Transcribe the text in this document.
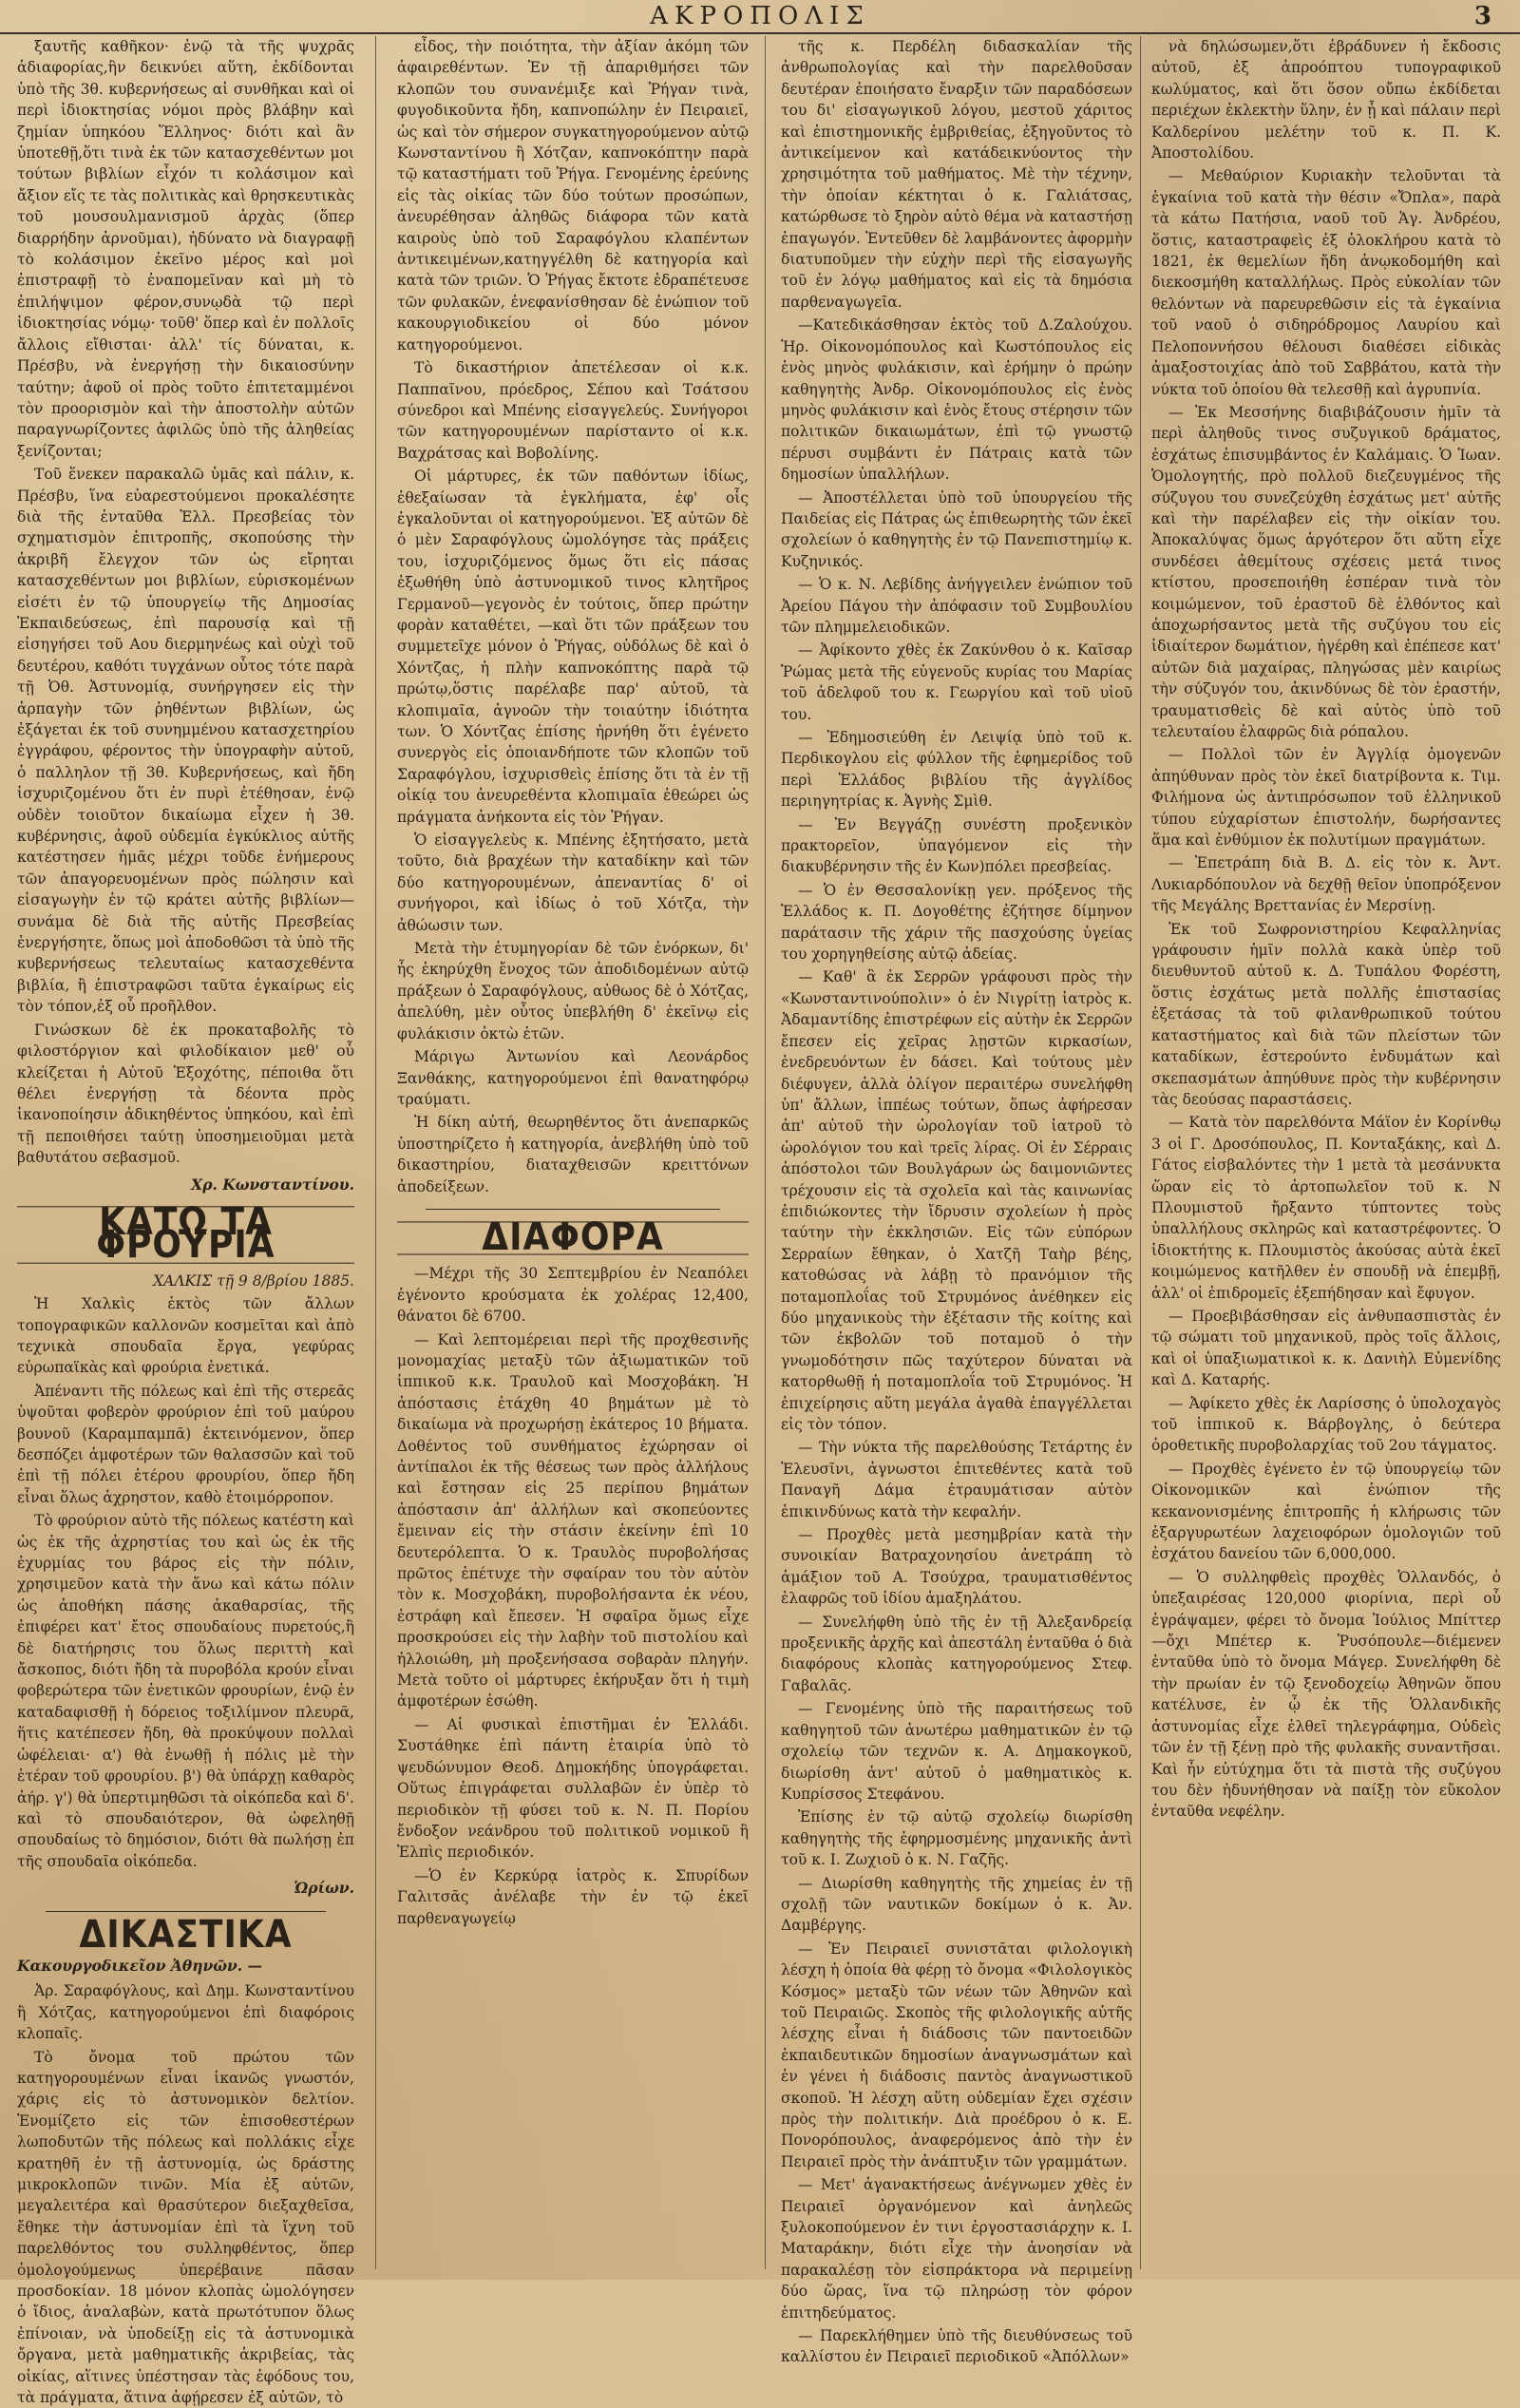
ΑΚΡΟΠΟΛΙΣ	3

ξαυτῆς καθῆκον· ἐνῷ τὰ τῆς ψυχρᾶς ἀδιαφορίας,ἣν δεικνύει αὕτη, ἐκδίδονται ὑπὸ τῆς 3θ. κυβερνήσεως αἱ συνθῆκαι καὶ οἱ περὶ ἰδιοκτησίας νόμοι πρὸς βλάβην καὶ ζημίαν ὑπηκόου Ἕλληνος· διότι καὶ ἂν ὑποτεθῇ,ὅτι τινὰ ἐκ τῶν κατασχεθέντων μοι τούτων βιβλίων εἶχόν τι κολάσιμον καὶ ἄξιον εἴς τε τὰς πολιτικὰς καὶ θρησκευτικὰς τοῦ μουσουλμανισμοῦ ἀρχὰς (ὅπερ διαρρήδην ἀρνοῦμαι), ἠδύνατο νὰ διαγραφῇ τὸ κολάσιμον ἐκεῖνο μέρος καὶ μοὶ ἐπιστραφῇ τὸ ἐναπομεῖναν καὶ μὴ τὸ ἐπιλήψιμον φέρον,συνῳδὰ τῷ περὶ ἰδιοκτησίας νόμῳ· τοῦθ' ὅπερ καὶ ἐν πολλοῖς ἄλλοις εἴθισται· ἀλλ' τίς δύναται, κ. Πρέσβυ, νὰ ἐνεργήσῃ τὴν δικαιοσύνην ταύτην; ἀφοῦ οἱ πρὸς τοῦτο ἐπιτεταμμένοι τὸν προορισμὸν καὶ τὴν ἀποστολὴν αὐτῶν παραγνωρίζοντες ἀφιλῶς ὑπὸ τῆς ἀληθείας ξενίζονται;

Τοῦ ἕνεκεν παρακαλῶ ὑμᾶς καὶ πάλιν, κ. Πρέσβυ, ἵνα εὐαρεστούμενοι προκαλέσητε διὰ τῆς ἐνταῦθα Ἑλλ. Πρεσβείας τὸν σχηματισμὸν ἐπιτροπῆς, σκοπούσης τὴν ἀκριβῆ ἔλεγχον τῶν ὡς εἴρηται κατασχεθέντων μοι βιβλίων, εὑρισκομένων εἰσέτι ἐν τῷ ὑπουργείῳ τῆς Δημοσίας Ἐκπαιδεύσεως, ἐπὶ παρουσίᾳ καὶ τῇ εἰσηγήσει τοῦ Αου διερμηνέως καὶ οὐχὶ τοῦ δευτέρου, καθότι τυγχάνων οὗτος τότε παρὰ τῇ Ὀθ. Ἀστυνομίᾳ, συνήργησεν εἰς τὴν ἁρπαγὴν τῶν ῥηθέντων βιβλίων, ὡς ἐξάγεται ἐκ τοῦ συνημμένου κατασχετηρίου ἐγγράφου, φέροντος τὴν ὑπογραφὴν αὐτοῦ, ὁ παλληλον τῇ 3θ. Κυβερνήσεως, καὶ ἤδη ἰσχυριζομένου ὅτι ἐν πυρὶ ἐτέθησαν, ἐνῷ οὐδὲν τοιοῦτον δικαίωμα εἶχεν ἡ 3θ. κυβέρνησις, ἀφοῦ οὐδεμία ἐγκύκλιος αὐτῆς κατέστησεν ἡμᾶς μέχρι τοῦδε ἐνήμερους τῶν ἀπαγορευομένων πρὸς πώλησιν καὶ εἰσαγωγὴν ἐν τῷ κράτει αὐτῆς βιβλίων—συνάμα δὲ διὰ τῆς αὐτῆς Πρεσβείας ἐνεργήσητε, ὅπως μοὶ ἀποδοθῶσι τὰ ὑπὸ τῆς κυβερνήσεως τελευταίως κατασχεθέντα βιβλία, ἢ ἐπιστραφῶσι ταῦτα ἐγκαίρως εἰς τὸν τόπον,ἐξ οὗ προῆλθον.

Γινώσκων δὲ ἐκ προκαταβολῆς τὸ φιλοστόργιον καὶ φιλοδίκαιον μεθ' οὗ κλείζεται ἡ Αὐτοῦ Ἐξοχότης, πέποιθα ὅτι θέλει ἐνεργήσῃ τὰ δέοντα πρὸς ἱκανοποίησιν ἀδικηθέντος ὑπηκόου, καὶ ἐπὶ τῇ πεποιθήσει ταύτῃ ὑποσημειοῦμαι μετὰ βαθυτάτου σεβασμοῦ.

Χρ. Κωνσταντίνου.
ΚΑΤΩ ΤΑ ΦΡΟΥΡΙΑ
ΧΑΛΚΙΣ τῇ 9 8/βρίου 1885.

Ἡ Χαλκὶς ἐκτὸς τῶν ἄλλων τοπογραφικῶν καλλονῶν κοσμεῖται καὶ ἀπὸ τεχνικὰ σπουδαῖα ἔργα, γεφύρας εὐρωπαϊκὰς καὶ φρούρια ἐνετικά.

Ἀπέναντι τῆς πόλεως καὶ ἐπὶ τῆς στερεᾶς ὑψοῦται φοβερὸν φρούριον ἐπὶ τοῦ μαύρου βουνοῦ (Καραμπαμπᾶ) ἐκτεινόμενον, ὅπερ δεσπόζει ἀμφοτέρων τῶν θαλασσῶν καὶ τοῦ ἐπὶ τῇ πόλει ἑτέρου φρουρίου, ὅπερ ἤδη εἶναι ὅλως ἀχρηστον, καθὸ ἐτοιμόρροπον.

Τὸ φρούριον αὐτὸ τῆς πόλεως κατέστη καὶ ὡς ἐκ τῆς ἀχρηστίας του καὶ ὡς ἐκ τῆς ἐχυρμίας του βάρος εἰς τὴν πόλιν, χρησιμεῦον κατὰ τὴν ἄνω καὶ κάτω πόλιν ὡς ἀποθήκη πάσης ἀκαθαρσίας, τῆς ἐπιφέρει κατ' ἔτος σπουδαίους πυρετούς,ἢ δὲ διατήρησις του ὅλως περιττὴ καὶ ἄσκοπος, διότι ἤδη τὰ πυροβόλα κρούν εἶναι φοβερώτερα τῶν ἐνετικῶν φρουρίων, ἐνῷ ἐν καταδαφισθῇ ἡ δόρειος τοξιλίμνον πλευρᾶ, ἥτις κατέπεσεν ἤδη, θὰ προκύψουν πολλαὶ ὠφέλειαι· α') θὰ ἑνωθῇ ἡ πόλις μὲ τὴν ἑτέραν τοῦ φρουρίου. β') θὰ ὑπάρχῃ καθαρὸς ἀήρ. γ') θὰ ὑπερτιμηθῶσι τὰ οἰκόπεδα καὶ δ'. καὶ τὸ σπουδαιότερον, θὰ ὠφεληθῇ σπουδαίως τὸ δημόσιον, διότι θὰ πωλήσῃ ἐπ τῆς σπουδαῖα οἰκόπεδα.

Ὡρίων.
ΔΙΚΑΣΤΙΚΑ
Κακουργοδικεῖον Ἀθηνῶν. —

Ἀρ. Σαραφόγλους, καὶ Δημ. Κωνσταντίνου ἢ Χότζας, κατηγορούμενοι ἐπὶ διαφόροις κλοπαῖς.

Τὸ ὄνομα τοῦ πρώτου τῶν κατηγορουμένων εἶναι ἱκανῶς γνωστόν, χάρις εἰς τὸ ἀστυνομικὸν δελτίον. Ἐνομίζετο εἰς τῶν ἐπισοθεστέρων λωποδυτῶν τῆς πόλεως καὶ πολλάκις εἶχε κρατηθῆ ἐν τῇ ἀστυνομίᾳ, ὡς δράστης μικροκλοπῶν τινῶν. Μία ἐξ αὐτῶν, μεγαλειτέρα καὶ θρασύτερον διεξαχθεῖσα, ἔθηκε τὴν ἀστυνομίαν ἐπὶ τὰ ἴχνη τοῦ παρελθόντος του συλληφθέντος, ὅπερ ὁμολογούμενως ὑπερέβαινε πᾶσαν προσδοκίαν. 18 μόνον κλοπὰς ὡμολόγησεν ὁ ἴδιος, ἀναλαβὼν, κατὰ πρωτότυπον ὅλως ἐπίνοιαν, νὰ ὑποδείξῃ εἰς τὰ ἀστυνομικὰ ὄργανα, μετὰ μαθηματικῆς ἀκριβείας, τὰς οἰκίας, αἵτινες ὑπέστησαν τὰς ἐφόδους του, τὰ πράγματα, ἅτινα ἀφῄρεσεν ἐξ αὐτῶν, τὸ

εἶδος, τὴν ποιότητα, τὴν ἀξίαν ἀκόμη τῶν ἀφαιρεθέντων. Ἐν τῇ ἀπαριθμήσει τῶν κλοπῶν του συνανέμιξε καὶ Ῥήγαν τινὰ, φυγοδικοῦντα ἤδη, καπνοπώλην ἐν Πειραιεῖ, ὡς καὶ τὸν σήμερον συγκατηγορούμενον αὐτῷ Κωνσταντίνου ἢ Χότζαν, καπνοκόπτην παρὰ τῷ καταστήματι τοῦ Ῥήγα. Γενομένης ἐρεύνης εἰς τὰς οἰκίας τῶν δύο τούτων προσώπων, ἀνευρέθησαν ἀληθῶς διάφορα τῶν κατὰ καιροὺς ὑπὸ τοῦ Σαραφόγλου κλαπέντων ἀντικειμένων,κατηγγέλθη δὲ κατηγορία καὶ κατὰ τῶν τριῶν. Ὁ Ῥήγας ἔκτοτε ἐδραπέτευσε τῶν φυλακῶν, ἐνεφανίσθησαν δὲ ἐνώπιον τοῦ κακουργιοδικείου οἱ δύο μόνον κατηγορούμενοι.

Τὸ δικαστήριον ἀπετέλεσαν οἱ κ.κ. Παππαῖνου, πρόεδρος, Σέπου καὶ Τσάτσου σύνεδροι καὶ Μπένης εἰσαγγελεύς. Συνήγοροι τῶν κατηγορουμένων παρίσταντο οἱ κ.κ. Βαχράτσας καὶ Βοβολίνης.

Οἱ μάρτυρες, ἐκ τῶν παθόντων ἰδίως, ἐθεξαίωσαν τὰ ἐγκλήματα, ἐφ' οἷς ἐγκαλοῦνται οἱ κατηγορούμενοι. Ἐξ αὐτῶν δὲ ὁ μὲν Σαραφόγλους ὡμολόγησε τὰς πράξεις του, ἰσχυριζόμενος ὅμως ὅτι εἰς πάσας ἐξωθήθη ὑπὸ ἀστυνομικοῦ τινος κλητῆρος Γερμανοῦ—γεγονὸς ἐν τούτοις, ὅπερ πρώτην φορὰν καταθέτει, —καὶ ὅτι τῶν πράξεων του συμμετεῖχε μόνον ὁ Ῥήγας, οὐδόλως δὲ καὶ ὁ Χόντζας, ἡ πλὴν καπνοκόπτης παρὰ τῷ πρώτῳ,ὅστις παρέλαβε παρ' αὐτοῦ, τὰ κλοπιμαῖα, ἀγνοῶν τὴν τοιαύτην ἰδιότητα των. Ὁ Χόντζας ἐπίσης ἠρνήθη ὅτι ἐγένετο συνεργὸς εἰς ὁποιανδήποτε τῶν κλοπῶν τοῦ Σαραφόγλου, ἰσχυρισθεὶς ἐπίσης ὅτι τὰ ἐν τῇ οἰκίᾳ του ἀνευρεθέντα κλοπιμαῖα ἐθεώρει ὡς πράγματα ἀνήκοντα εἰς τὸν Ῥήγαν.

Ὁ εἰσαγγελεὺς κ. Μπένης ἐξητήσατο, μετὰ τοῦτο, διὰ βραχέων τὴν καταδίκην καὶ τῶν δύο κατηγορουμένων, ἀπεναντίας δ' οἱ συνήγοροι, καὶ ἰδίως ὁ τοῦ Χότζα, τὴν ἀθώωσιν των.

Μετὰ τὴν ἐτυμηγορίαν δὲ τῶν ἐνόρκων, δι' ἧς ἐκηρύχθη ἔνοχος τῶν ἀποδιδομένων αὐτῷ πράξεων ὁ Σαραφόγλους, αὐθωος δὲ ὁ Χότζας, ἀπελύθη, μὲν οὗτος ὑπεβλήθη δ' ἐκεῖνῳ εἰς φυλάκισιν ὀκτὼ ἐτῶν.

Μάριγω Ἀντωνίου καὶ Λεονάρδος Ξανθάκης, κατηγορούμενοι ἐπὶ θανατηφόρῳ τραύματι.

Ἡ δίκη αὐτή, θεωρηθέντος ὅτι ἀνεπαρκῶς ὑποστηρίζετο ἡ κατηγορία, ἀνεβλήθη ὑπὸ τοῦ δικαστηρίου, διαταχθεισῶν κρειττόνων ἀποδείξεων.

ΔΙΑΦΟΡΑ

—Μέχρι τῆς 30 Σεπτεμβρίου ἐν Νεαπόλει ἐγένοντο κρούσματα ἐκ χολέρας 12,400, θάνατοι δὲ 6700.

— Καὶ λεπτομέρειαι περὶ τῆς προχθεσινῆς μονομαχίας μεταξὺ τῶν ἀξιωματικῶν τοῦ ἱππικοῦ κ.κ. Τραυλοῦ καὶ Μοσχοβάκη. Ἡ ἀπόστασις ἐτάχθη 40 βημάτων μὲ τὸ δικαίωμα νὰ προχωρήσῃ ἑκάτερος 10 βήματα. Δοθέντος τοῦ συνθήματος ἐχώρησαν οἱ ἀντίπαλοι ἐκ τῆς θέσεως των πρὸς ἀλλήλους καὶ ἔστησαν εἰς 25 περίπου βημάτων ἀπόστασιν ἀπ' ἀλλήλων καὶ σκοπεύοντες ἔμειναν εἰς τὴν στάσιν ἐκείνην ἐπὶ 10 δευτερόλεπτα. Ὁ κ. Τραυλὸς πυροβολήσας πρῶτος ἐπέτυχε τὴν σφαίραν του τὸν αὐτὸν τὸν κ. Μοσχοβάκη, πυροβολήσαντα ἐκ νέου, ἐστράφη καὶ ἔπεσεν. Ἡ σφαῖρα ὅμως εἶχε προσκρούσει εἰς τὴν λαβὴν τοῦ πιστολίου καὶ ἠλλοιώθη, μὴ προξενήσασα σοβαρὰν πληγήν. Μετὰ τοῦτο οἱ μάρτυρες ἐκήρυξαν ὅτι ἡ τιμὴ ἀμφοτέρων ἐσώθη.

— Αἱ φυσικαὶ ἐπιστῆμαι ἐν Ἑλλάδι. Συστάθηκε ἐπὶ πάντη ἑταιρία ὑπὸ τὸ ψευδώνυμον Θεοδ. Δημοκήδης ὑπογράφεται. Οὕτως ἐπιγράφεται συλλαβῶν ἐν ὑπὲρ τὸ περιοδικὸν τῇ φύσει τοῦ κ. Ν. Π. Πορίου ἔνδοξον νεάνδρου τοῦ πολιτικοῦ νομικοῦ ἢ Ἑλπὶς περιοδικόν.

—Ὁ ἐν Κερκύρᾳ ἰατρὸς κ. Σπυρίδων Γαλιτσᾶς ἀνέλαβε τὴν ἐν τῷ ἐκεῖ παρθεναγωγείῳ

τῆς κ. Περδέλη διδασκαλίαν τῆς ἀνθρωπολογίας καὶ τὴν παρελθοῦσαν δευτέραν ἐποιήσατο ἔναρξιν τῶν παραδόσεων του δι' εἰσαγωγικοῦ λόγου, μεστοῦ χάριτος καὶ ἐπιστημονικῆς ἐμβριθείας, ἐξηγοῦντος τὸ ἀντικείμενον καὶ κατάδεικνύοντος τὴν χρησιμότητα τοῦ μαθήματος. Μὲ τὴν τέχνην, τὴν ὁποίαν κέκτηται ὁ κ. Γαλιάτσας, κατώρθωσε τὸ ξηρὸν αὐτὸ θέμα νὰ καταστήσῃ ἐπαγωγόν. Ἐντεῦθεν δὲ λαμβάνοντες ἀφορμὴν διατυποῦμεν τὴν εὐχὴν περὶ τῆς εἰσαγωγῆς τοῦ ἐν λόγῳ μαθήματος καὶ εἰς τὰ δημόσια παρθεναγωγεῖα.

—Κατεδικάσθησαν ἐκτὸς τοῦ Δ.Ζαλούχου. Ἠρ. Οἰκονομόπουλος καὶ Κωστόπουλος εἰς ἑνὸς μηνὸς φυλάκισιν, καὶ ἐρήμην ὁ πρώην καθηγητὴς Ἀνδρ. Οἰκονομόπουλος εἰς ἑνὸς μηνὸς φυλάκισιν καὶ ἑνὸς ἔτους στέρησιν τῶν πολιτικῶν δικαιωμάτων, ἐπὶ τῷ γνωστῷ πέρυσι συμβάντι ἐν Πάτραις κατὰ τῶν δημοσίων ὑπαλλήλων.

— Ἀποστέλλεται ὑπὸ τοῦ ὑπουργείου τῆς Παιδείας εἰς Πάτρας ὡς ἐπιθεωρητὴς τῶν ἐκεῖ σχολείων ὁ καθηγητὴς ἐν τῷ Πανεπιστημίῳ κ. Κυζηνικός.

— Ὁ κ. Ν. Λεβίδης ἀνήγγειλεν ἐνώπιον τοῦ Ἀρείου Πάγου τὴν ἀπόφασιν τοῦ Συμβουλίου τῶν πλημμελειοδικῶν.

— Ἀφίκοντο χθὲς ἐκ Ζακύνθου ὁ κ. Καῖσαρ Ῥώμας μετὰ τῆς εὐγενοῦς κυρίας του Μαρίας τοῦ ἀδελφοῦ του κ. Γεωργίου καὶ τοῦ υἱοῦ του.

— Ἐδημοσιεύθη ἐν Λειψίᾳ ὑπὸ τοῦ κ. Περδικογλου εἰς φύλλον τῆς ἐφημερίδος τοῦ περὶ Ἑλλάδος βιβλίου τῆς ἀγγλίδος περιηγητρίας κ. Ἀγνὴς Σμὶθ.

— Ἐν Βεγγάζῃ συνέστη προξενικὸν πρακτορεῖον, ὑπαγόμενον εἰς τὴν διακυβέρνησιν τῆς ἐν Κων)πόλει πρεσβείας.

— Ὁ ἐν Θεσσαλονίκῃ γεν. πρόξενος τῆς Ἑλλάδος κ. Π. Δογοθέτης ἐζήτησε δίμηνον παράτασιν τῆς χάριν τῆς πασχούσης ὑγείας του χορηγηθείσης αὐτῷ ἀδείας.

— Καθ' ἃ ἐκ Σερρῶν γράφουσι πρὸς τὴν «Κωνσταντινούπολιν» ὁ ἐν Νιγρίτῃ ἰατρὸς κ. Ἀδαμαντίδης ἐπιστρέφων εἰς αὐτὴν ἐκ Σερρῶν ἔπεσεν εἰς χεῖρας λῃστῶν κιρκασίων, ἐνεδρευόντων ἐν δάσει. Καὶ τούτους μὲν διέφυγεν, ἀλλὰ ὀλίγον περαιτέρω συνελήφθη ὑπ' ἄλλων, ἱππέως τούτων, ὅπως ἀφήρεσαν ἀπ' αὐτοῦ τὴν ὡρολογίαν τοῦ ἰατροῦ τὸ ὡρολόγιον του καὶ τρεῖς λίρας. Οἱ ἐν Σέρραις ἀπόστολοι τῶν Βουλγάρων ὡς δαιμονιῶντες τρέχουσιν εἰς τὰ σχολεῖα καὶ τὰς καινωνίας ἐπιδιώκοντες τὴν ἴδρυσιν σχολείων ἡ πρὸς ταύτην τὴν ἐκκλησιῶν. Εἰς τῶν εὐπόρων Σερραίων ἔθηκαν, ὁ Χατζῆ Ταὴρ βέης, κατοθώσας νὰ λάβῃ τὸ πρανόμιον τῆς ποταμοπλοΐας τοῦ Στρυμόνος ἀνέθηκεν εἰς δύο μηχανικοὺς τὴν ἐξέτασιν τῆς κοίτης καὶ τῶν ἐκβολῶν τοῦ ποταμοῦ ὁ τὴν γνωμοδότησιν πῶς ταχύτερον δύναται νὰ κατορθωθῇ ἡ ποταμοπλοΐα τοῦ Στρυμόνος. Ἡ ἐπιχείρησις αὕτη μεγάλα ἀγαθὰ ἐπαγγέλλεται εἰς τὸν τόπον.

— Τὴν νύκτα τῆς παρελθούσης Τετάρτης ἐν Ἐλευσῖνι, ἀγνωστοι ἐπιτεθέντες κατὰ τοῦ Παναγῆ Δάμα ἐτραυμάτισαν αὐτὸν ἐπικινδύνως κατὰ τὴν κεφαλήν.

— Προχθὲς μετὰ μεσημβρίαν κατὰ τὴν συνοικίαν Βατραχονησίου ἀνετράπη τὸ ἁμάξιον τοῦ Α. Τσούχρα, τραυματισθέντος ἐλαφρῶς τοῦ ἰδίου ἁμαξηλάτου.

— Συνελήφθη ὑπὸ τῆς ἐν τῇ Ἀλεξανδρείᾳ προξενικῆς ἀρχῆς καὶ ἀπεστάλη ἐνταῦθα ὁ διὰ διαφόρους κλοπὰς κατηγορούμενος Στεφ. Γαβαλᾶς.

— Γενομένης ὑπὸ τῆς παραιτήσεως τοῦ καθηγητοῦ τῶν ἀνωτέρω μαθηματικῶν ἐν τῷ σχολείῳ τῶν τεχνῶν κ. Α. Δημακογκοῦ, διωρίσθη ἀντ' αὐτοῦ ὁ μαθηματικὸς κ. Κυπρίσσος Στεφάνου.

Ἐπίσης ἐν τῷ αὐτῷ σχολείῳ διωρίσθη καθηγητὴς τῆς ἐφηρμοσμένης μηχανικῆς ἀντὶ τοῦ κ. Ι. Ζωχιοῦ ὁ κ. Ν. Γαζῆς.

— Διωρίσθη καθηγητὴς τῆς χημείας ἐν τῇ σχολῇ τῶν ναυτικῶν δοκίμων ὁ κ. Ἀν. Δαμβέργης.

— Ἐν Πειραιεῖ συνιστᾶται φιλολογικὴ λέσχη ἡ ὁποία θὰ φέρῃ τὸ ὄνομα «Φιλολογικὸς Κόσμος» μεταξὺ τῶν νέων τῶν Ἀθηνῶν καὶ τοῦ Πειραιῶς. Σκοπὸς τῆς φιλολογικῆς αὐτῆς λέσχης εἶναι ἡ διάδοσις τῶν παντοειδῶν ἐκπαιδευτικῶν δημοσίων ἀναγνωσμάτων καὶ ἐν γένει ἡ διάδοσις παντὸς ἀναγνωστικοῦ σκοποῦ. Ἡ λέσχη αὕτη οὐδεμίαν ἔχει σχέσιν πρὸς τὴν πολιτικήν. Διὰ προέδρου ὁ κ. Ε. Πονορόπουλος, ἀναφερόμενος ἀπὸ τὴν ἐν Πειραιεῖ πρὸς τὴν ἀνάπτυξιν τῶν γραμμάτων.

— Μετ' ἀγανακτήσεως ἀνέγνωμεν χθὲς ἐν Πειραιεῖ ὀργανόμενον καὶ ἀνηλεῶς ξυλοκοπούμενον ἐν τινι ἐργοστασιάρχην κ. Ι. Ματαράκην, διότι εἶχε τὴν ἀνοησίαν νὰ παρακαλέσῃ τὸν εἰσπράκτορα νὰ περιμείνῃ δύο ὥρας, ἵνα τῷ πληρώσῃ τὸν φόρον ἐπιτηδεύματος.

— Παρεκλήθημεν ὑπὸ τῆς διευθύνσεως τοῦ καλλίστου ἐν Πειραιεῖ περιοδικοῦ «Ἀπόλλων»

νὰ δηλώσωμεν,ὅτι ἐβράδυνεν ἡ ἔκδοσις αὐτοῦ, ἐξ ἀπροόπτου τυπογραφικοῦ κωλύματος, καὶ ὅτι ὅσον οὔπω ἐκδίδεται περιέχων ἐκλεκτὴν ὕλην, ἐν ᾗ καὶ πάλαιν περὶ Καλδερίνου μελέτην τοῦ κ. Π. Κ. Ἀποστολίδου.

— Μεθαύριον Κυριακὴν τελοῦνται τὰ ἐγκαίνια τοῦ κατὰ τὴν θέσιν «Ὄπλα», παρὰ τὰ κάτω Πατήσια, ναοῦ τοῦ Ἁγ. Ἀνδρέου, ὅστις, καταστραφεὶς ἐξ ὁλοκλήρου κατὰ τὸ 1821, ἐκ θεμελίων ἤδη ἀνῳκοδομήθη καὶ διεκοσμήθη καταλλήλως. Πρὸς εὐκολίαν τῶν θελόντων νὰ παρευρεθῶσιν εἰς τὰ ἐγκαίνια τοῦ ναοῦ ὁ σιδηρόδρομος Λαυρίου καὶ Πελοποννήσου θέλουσι διαθέσει εἰδικὰς ἁμαξοστοιχίας ἀπὸ τοῦ Σαββάτου, κατὰ τὴν νύκτα τοῦ ὁποίου θὰ τελεσθῇ καὶ ἀγρυπνία.

— Ἐκ Μεσσήνης διαβιβάζουσιν ἡμῖν τὰ περὶ ἀληθοῦς τινος συζυγικοῦ δράματος, ἐσχάτως ἐπισυμβάντος ἐν Καλάμαις. Ὁ Ἰωαν. Ὁμολογητής, πρὸ πολλοῦ διεζευγμένος τῆς σύζυγου του συνεζεύχθη ἐσχάτως μετ' αὐτῆς καὶ τὴν παρέλαβεν εἰς τὴν οἰκίαν του. Ἀποκαλύψας ὅμως ἀργότερον ὅτι αὕτη εἶχε συνδέσει ἀθεμίτους σχέσεις μετά τινος κτίστου, προσεποιήθη ἐσπέραν τινὰ τὸν κοιμώμενον, τοῦ ἐραστοῦ δὲ ἐλθόντος καὶ ἀποχωρήσαντος μετὰ τῆς συζύγου του εἰς ἰδιαίτερον δωμάτιον, ἠγέρθη καὶ ἐπέπεσε κατ' αὐτῶν διὰ μαχαίρας, πληγώσας μὲν καιρίως τὴν σύζυγόν του, ἀκινδύνως δὲ τὸν ἐραστήν, τραυματισθεὶς δὲ καὶ αὐτὸς ὑπὸ τοῦ τελευταίου ἐλαφρῶς διὰ ρόπαλου.

— Πολλοὶ τῶν ἐν Ἀγγλίᾳ ὁμογενῶν ἀπηύθυναν πρὸς τὸν ἐκεῖ διατρίβοντα κ. Τιμ. Φιλήμονα ὡς ἀντιπρόσωπον τοῦ ἑλληνικοῦ τύπου εὐχαρίστων ἐπιστολήν, δωρήσαντες ἅμα καὶ ἐνθύμιον ἐκ πολυτίμων πραγμάτων.

— Ἐπετράπη διὰ Β. Δ. εἰς τὸν κ. Ἀντ. Λυκιαρδόπουλον νὰ δεχθῇ θεῖον ὑποπρόξενον τῆς Μεγάλης Βρεττανίας ἐν Μερσίνῃ.

Ἐκ τοῦ Σωφρονιστηρίου Κεφαλληνίας γράφουσιν ἡμῖν πολλὰ κακὰ ὑπὲρ τοῦ διευθυντοῦ αὐτοῦ κ. Δ. Τυπάλου Φορέστη, ὅστις ἐσχάτως μετὰ πολλῆς ἐπιστασίας ἐξετάσας τὰ τοῦ φιλανθρωπικοῦ τούτου καταστήματος καὶ διὰ τῶν πλείστων τῶν καταδίκων, ἐστερούντο ἐνδυμάτων καὶ σκεπασμάτων ἀπηύθυνε πρὸς τὴν κυβέρνησιν τὰς δεούσας παραστάσεις.

— Κατὰ τὸν παρελθόντα Μάϊον ἐν Κορίνθῳ 3 οἱ Γ. Δροσόπουλος, Π. Κονταξάκης, καὶ Δ. Γάτος εἰσβαλόντες τὴν 1 μετὰ τὰ μεσάνυκτα ὥραν εἰς τὸ ἀρτοπωλεῖον τοῦ κ. Ν Πλουμιστοῦ ἤρξαντο τύπτοντες τοὺς ὑπαλλήλους σκληρῶς καὶ καταστρέφοντες. Ὁ ἰδιοκτήτης κ. Πλουμιστὸς ἀκούσας αὐτὰ ἐκεῖ κοιμώμενος κατῆλθεν ἐν σπουδῇ νὰ ἐπεμβῇ, ἀλλ' οἱ ἐπιδρομεῖς ἐξεπήδησαν καὶ ἔφυγον.

— Προεβιβάσθησαν εἰς ἀνθυπασπιστὰς ἐν τῷ σώματι τοῦ μηχανικοῦ, πρὸς τοῖς ἄλλοις, καὶ οἱ ὑπαξιωματικοὶ κ. κ. Δανιὴλ Εὐμενίδης καὶ Δ. Καταρής.

— Ἀφίκετο χθὲς ἐκ Λαρίσσης ὁ ὑπολοχαγὸς τοῦ ἱππικοῦ κ. Βάρβογλης, ὁ δεύτερα ὁροθετικῆς πυροβολαρχίας τοῦ 2ου τάγματος.

— Προχθὲς ἐγένετο ἐν τῷ ὑπουργείῳ τῶν Οἰκονομικῶν καὶ ἐνώπιον τῆς κεκανονισμένης ἐπιτροπῆς ἡ κλήρωσις τῶν ἐξαργυρωτέων λαχειοφόρων ὁμολογιῶν τοῦ ἐσχάτου δανείου τῶν 6,000,000.

— Ὁ συλληφθεὶς προχθὲς Ὁλλανδός, ὁ ὑπεξαιρέσας 120,000 φιορίνια, περὶ οὗ ἐγράψαμεν, φέρει τὸ ὄνομα Ἰούλιος Μπίττερ—ὄχι Μπέτερ κ. Ῥυσόπουλε—διέμενεν ἐνταῦθα ὑπὸ τὸ ὄνομα Μάγερ. Συνελήφθη δὲ τὴν πρωίαν ἐν τῷ ξενοδοχείῳ Ἀθηνῶν ὅπου κατέλυσε, ἐν ᾧ ἐκ τῆς Ὁλλανδικῆς ἀστυνομίας εἶχε ἐλθεῖ τηλεγράφημα, Οὐδεὶς τῶν ἐν τῇ ξένῃ πρὸ τῆς φυλακῆς συναντῆσαι. Καὶ ἦν εὐτύχημα ὅτι τὰ πιστὰ τῆς συζύγου του δὲν ἠδυνήθησαν νὰ παίξῃ τὸν εὔκολον ἐνταῦθα νεφέλην.
